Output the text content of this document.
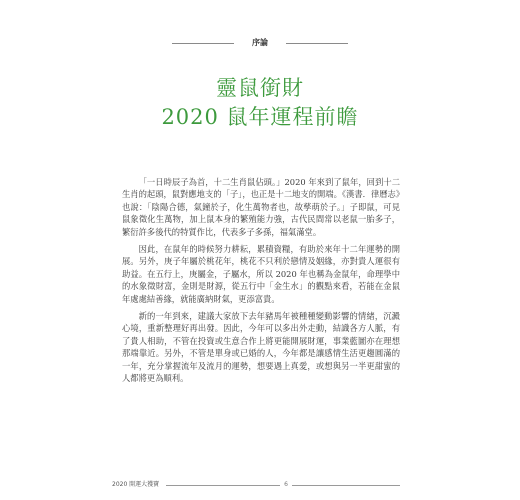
序論
靈鼠銜財
2020 鼠年運程前瞻

「一日時辰子為首，十二生肖鼠佔頭。」2020 年來到了鼠年，回到十二生肖的起頭，鼠對應地支的「子」，也正是十二地支的開端。《漢書．律曆志》也說：「陰陽合德，氣鐘於子，化生萬物者也，故孳萌於子。」子即鼠，可見鼠象徵化生萬物，加上鼠本身的繁殖能力強，古代民間常以老鼠一胎多子，繁衍許多後代的特質作比，代表多子多孫，福氣滿堂。

因此，在鼠年的時候努力耕耘，累積資糧，有助於來年十二年運勢的開展。另外，庚子年屬於桃花年，桃花不只利於戀情及姻緣，亦對貴人運很有助益。在五行上，庚屬金，子屬水，所以 2020 年也稱為金鼠年，命理學中的水象徵財富，金則是財源，從五行中「金生水」的觀點來看，若能在金鼠年處處結善緣，就能廣納財氣，更添富貴。

新的一年到來，建議大家放下去年豬馬年被種種變動影響的情緒，沉澱心境，重新整理好再出發。因此，今年可以多出外走動，結識各方人脈，有了貴人相助，不管在投資或生意合作上將更能開展財運，事業藍圖亦在理想那端靠近。另外，不管是單身或已婚的人，今年都是讓感情生活更趨圓滿的一年，充分掌握流年及流月的運勢，想要遇上真愛，或想與另一半更甜蜜的人都將更為順利。

2020 開運大獲寶	6
